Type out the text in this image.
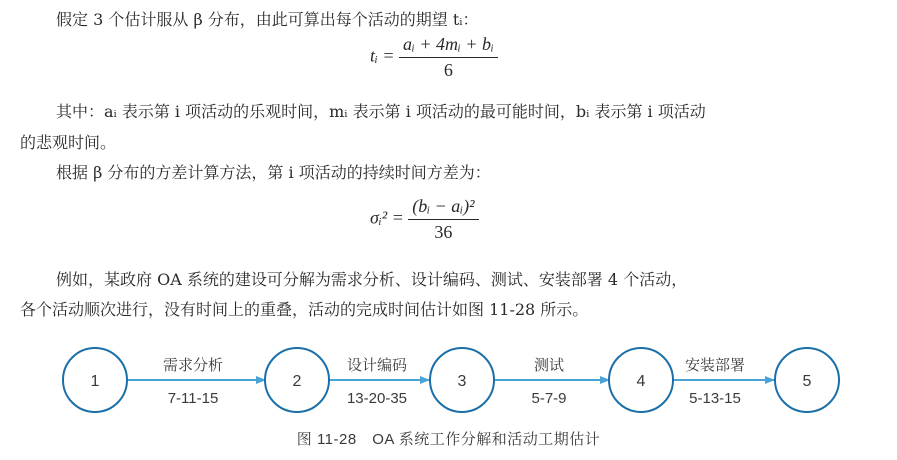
假定 3 个估计服从 β 分布，由此可算出每个活动的期望 tᵢ：
tᵢ = $\frac{\text{aᵢ + 4mᵢ + bᵢ}}{6}$
其中：aᵢ 表示第 i 项活动的乐观时间，mᵢ 表示第 i 项活动的最可能时间，bᵢ 表示第 i 项活动
的悲观时间。
根据 β 分布的方差计算方法，第 i 项活动的持续时间方差为：
σᵢ² = $\frac{\text{(bᵢ − aᵢ)²}}{36}$
例如，某政府 OA 系统的建设可分解为需求分析、设计编码、测试、安装部署 4 个活动，
各个活动顺次进行，没有时间上的重叠，活动的完成时间估计如图 11-28 所示。
1	2	3	4	5
需求分析	设计编码	测试	安装部署
7-11-15	13-20-35	5-7-9	5-13-15
图 11-28　OA 系统工作分解和活动工期估计
